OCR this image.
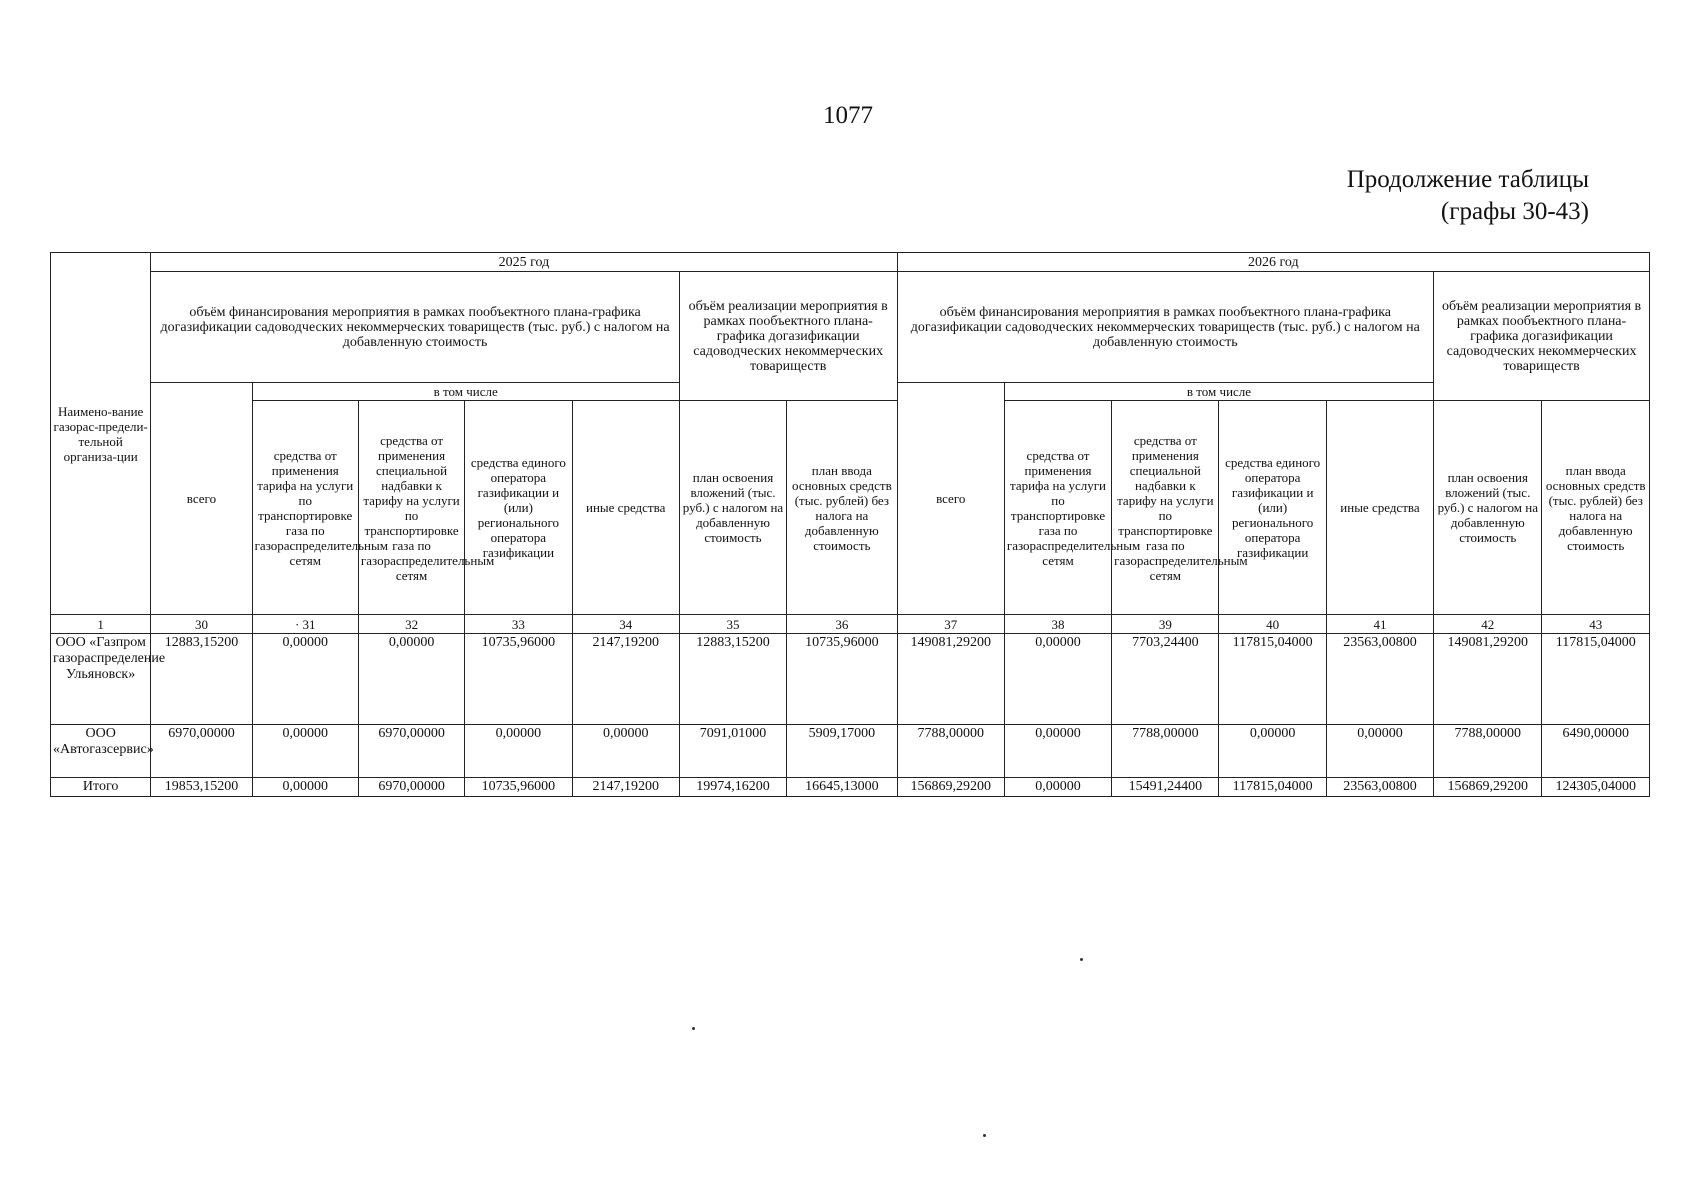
1077
Продолжение таблицы
(графы 30-43)
Наимено-вание газорас-предели-тельной организа-ции	2025 год							2026 год						
	объём финансирования мероприятия в рамках пообъектного плана-графика догазификации садоводческих некоммерческих товариществ (тыс. руб.) с налогом на добавленную стоимость					объём реализации мероприятия в рамках пообъектного плана-графика догазификации садоводческих некоммерческих товариществ		объём финансирования мероприятия в рамках пообъектного плана-графика догазификации садоводческих некоммерческих товариществ (тыс. руб.) с налогом на добавленную стоимость					объём реализации мероприятия в рамках пообъектного плана-графика догазификации садоводческих некоммерческих товариществ	
	всего	в том числе						всего	в том числе					
		средства от применения тарифа на услуги по транспортировке газа по газораспределительным сетям	средства от применения специальной надбавки к тарифу на услуги по транспортировке газа по газораспределительным сетям	средства единого оператора газификации и (или) регионального оператора газификации	иные средства	план освоения вложений (тыс. руб.) с налогом на добавленную стоимость	план ввода основных средств (тыс. рублей) без налога на добавленную стоимость		средства от применения тарифа на услуги по транспортировке газа по газораспределительным сетям	средства от применения специальной надбавки к тарифу на услуги по транспортировке газа по газораспределительным сетям	средства единого оператора газификации и (или) регионального оператора газификации	иные средства	план освоения вложений (тыс. руб.) с налогом на добавленную стоимость	план ввода основных средств (тыс. рублей) без налога на добавленную стоимость
1	30	· 31	32	33	34	35	36	37	38	39	40	41	42	43
ООО «Газпром газораспределение Ульяновск»	12883,15200	0,00000	0,00000	10735,96000	2147,19200	12883,15200	10735,96000	149081,29200	0,00000	7703,24400	117815,04000	23563,00800	149081,29200	117815,04000
ООО «Автогазсервис»	6970,00000	0,00000	6970,00000	0,00000	0,00000	7091,01000	5909,17000	7788,00000	0,00000	7788,00000	0,00000	0,00000	7788,00000	6490,00000
Итого	19853,15200	0,00000	6970,00000	10735,96000	2147,19200	19974,16200	16645,13000	156869,29200	0,00000	15491,24400	117815,04000	23563,00800	156869,29200	124305,04000
